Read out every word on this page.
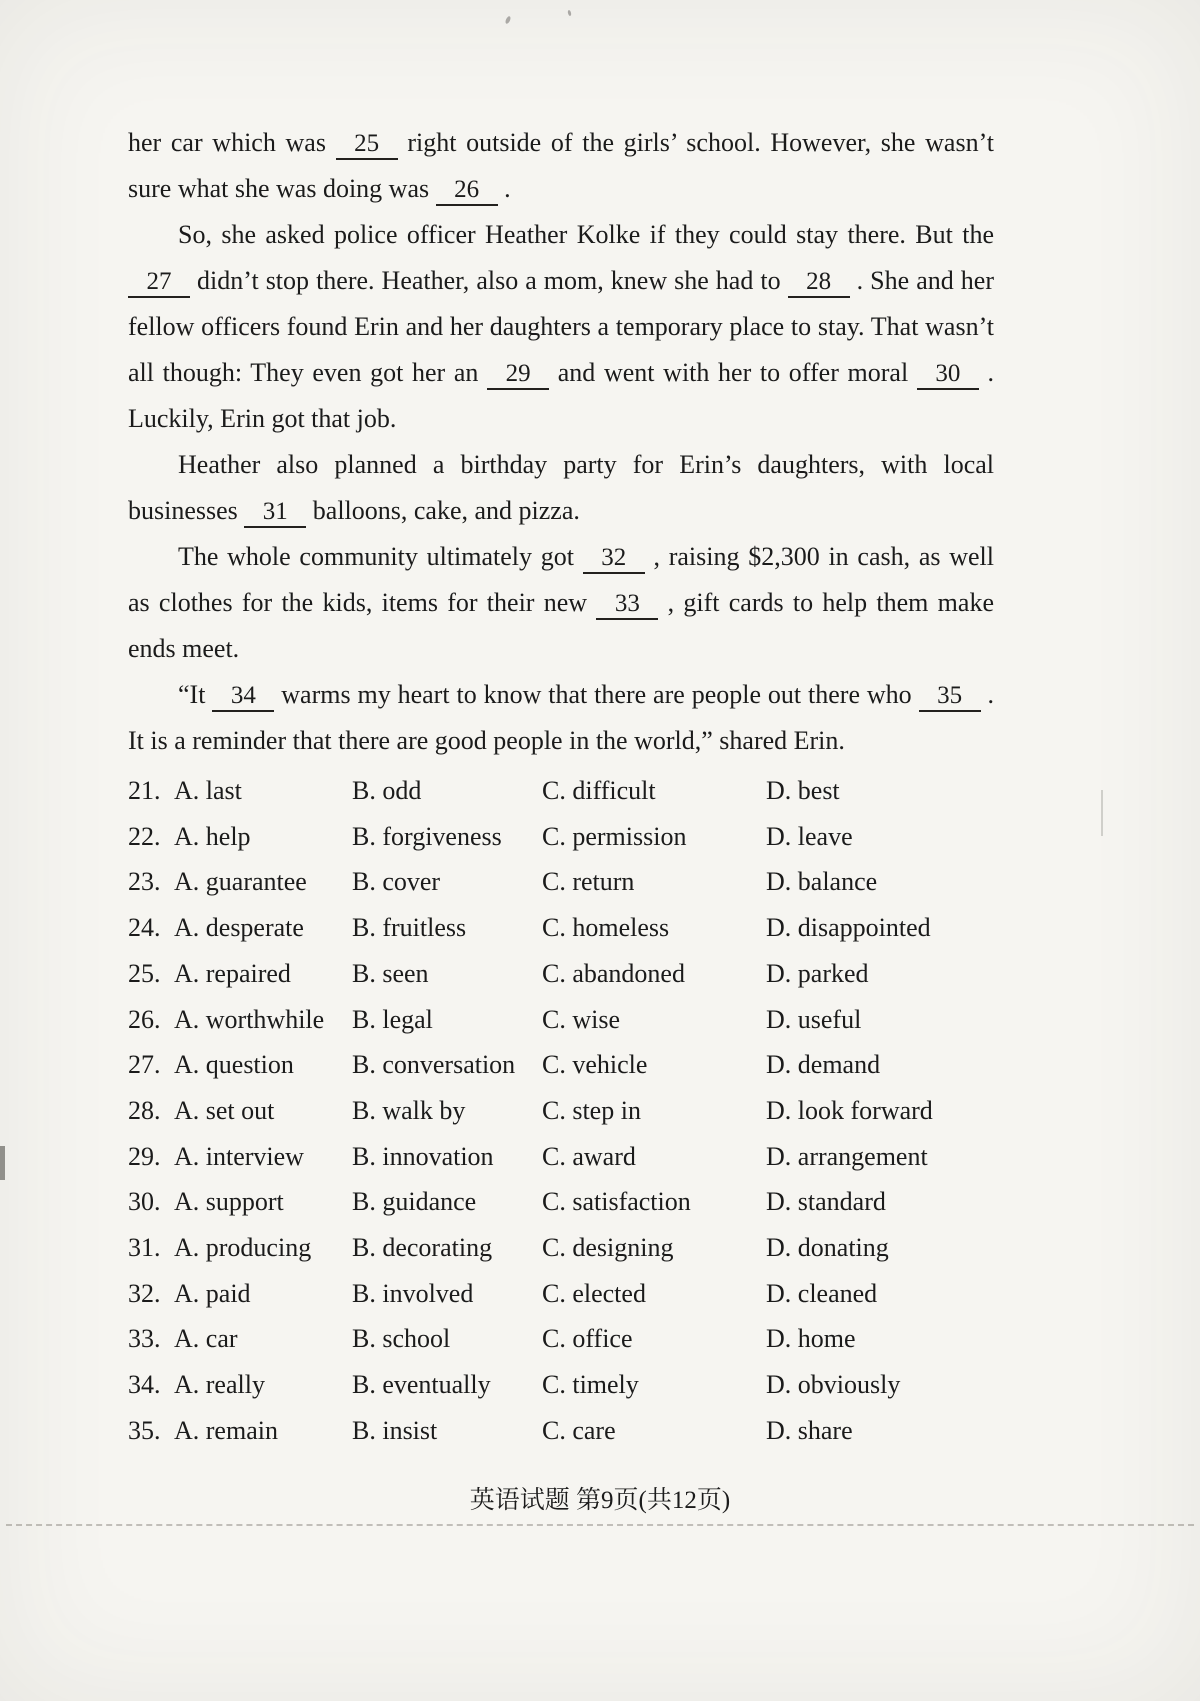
her car which was 25 right outside of the girls’ school. However, she wasn’t sure what she was doing was 26 .

So, she asked police officer Heather Kolke if they could stay there. But the 27 didn’t stop there. Heather, also a mom, knew she had to 28 . She and her fellow officers found Erin and her daughters a temporary place to stay. That wasn’t all though: They even got her an 29 and went with her to offer moral 30 . Luckily, Erin got that job.

Heather also planned a birthday party for Erin’s daughters, with local businesses 31 balloons, cake, and pizza.

The whole community ultimately got 32 , raising $2,300 in cash, as well as clothes for the kids, items for their new 33 , gift cards to help them make ends meet.

“It 34 warms my heart to know that there are people out there who 35 . It is a reminder that there are good people in the world,” shared Erin.

21. A. last	B. odd	C. difficult	D. best
22. A. help	B. forgiveness	C. permission	D. leave
23. A. guarantee	B. cover	C. return	D. balance
24. A. desperate	B. fruitless	C. homeless	D. disappointed
25. A. repaired	B. seen	C. abandoned	D. parked
26. A. worthwhile	B. legal	C. wise	D. useful
27. A. question	B. conversation	C. vehicle	D. demand
28. A. set out	B. walk by	C. step in	D. look forward
29. A. interview	B. innovation	C. award	D. arrangement
30. A. support	B. guidance	C. satisfaction	D. standard
31. A. producing	B. decorating	C. designing	D. donating
32. A. paid	B. involved	C. elected	D. cleaned
33. A. car	B. school	C. office	D. home
34. A. really	B. eventually	C. timely	D. obviously
35. A. remain	B. insist	C. care	D. share
英语试题 第9页(共12页)
